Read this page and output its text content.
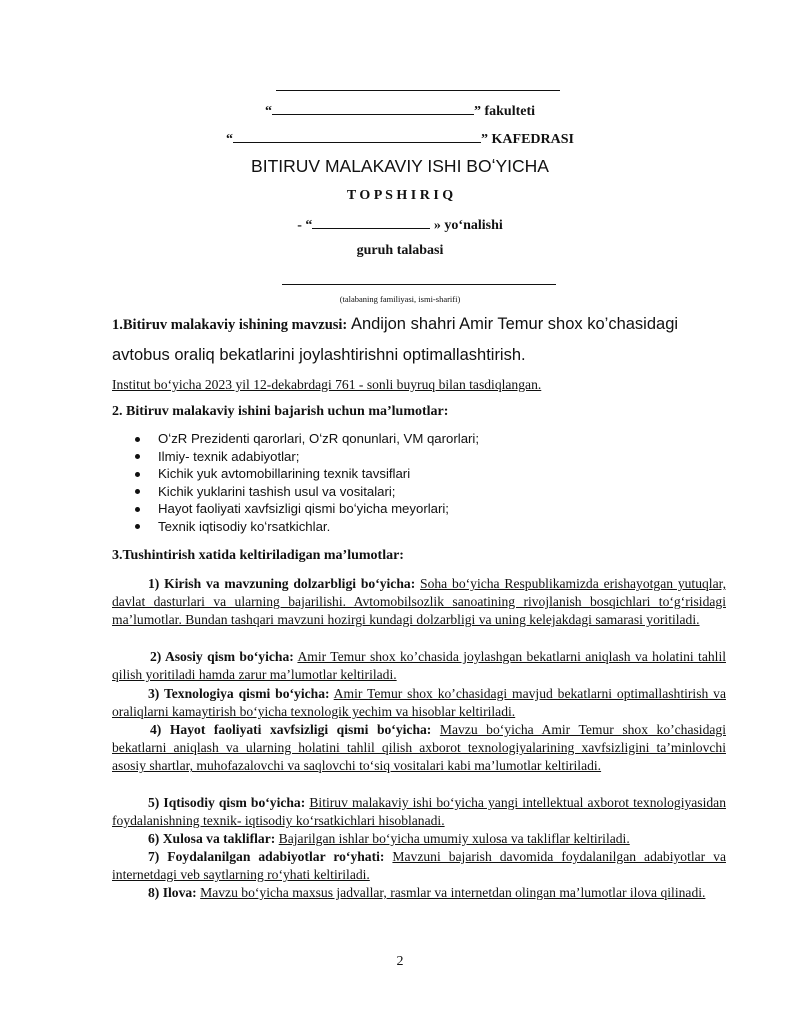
“	” fakulteti
“	” KAFEDRASI
BITIRUV MALAKAVIY ISHI BOʻYICHA
T O P S H I R I Q
- “	» yoʻnalishi
guruh talabasi
(talabaning familiyasi, ismi-sharifi)
1.Bitiruv malakaviy ishining mavzusi: Andijon shahri Amir Temur shox ko’chasidagi
avtobus oraliq bekatlarini joylashtirishni optimallashtirish.
Institut boʻyicha 2023 yil 12-dekabrdagi 761 - sonli buyruq bilan tasdiqlangan.
2. Bitiruv malakaviy ishini bajarish uchun ma’lumotlar:
OʻzR Prezidenti qarorlari, OʻzR qonunlari, VM qarorlari;
Ilmiy- texnik adabiyotlar;
Kichik yuk avtomobillarining texnik tavsiflari
Kichik yuklarini tashish usul va vositalari;
Hayot faoliyati xavfsizligi qismi boʻyicha meyorlari;
Texnik iqtisodiy koʻrsatkichlar.
3.Tushintirish xatida keltiriladigan ma’lumotlar:
1) Kirish va mavzuning dolzarbligi boʻyicha: Soha boʻyicha Respublikamizda erishayotgan yutuqlar, davlat dasturlari va ularning bajarilishi. Avtomobilsozlik sanoatining rivojlanish bosqichlari toʻgʻrisidagi ma’lumotlar. Bundan tashqari mavzuni hozirgi kundagi dolzarbligi va uning kelejakdagi samarasi yoritiladi.
2) Asosiy qism boʻyicha: Amir Temur shox ko’chasida joylashgan bekatlarni aniqlash va holatini tahlil qilish yoritiladi hamda zarur ma’lumotlar keltiriladi.
3) Texnologiya qismi boʻyicha: Amir Temur shox ko’chasidagi mavjud bekatlarni optimallashtirish va oraliqlarni kamaytirish boʻyicha texnologik yechim va hisoblar keltiriladi.
4) Hayot faoliyati xavfsizligi qismi boʻyicha: Mavzu boʻyicha Amir Temur shox ko’chasidagi bekatlarni aniqlash va ularning holatini tahlil qilish axborot texnologiyalarining xavfsizligini ta’minlovchi asosiy shartlar, muhofazalovchi va saqlovchi toʻsiq vositalari kabi ma’lumotlar keltiriladi.
5) Iqtisodiy qism boʻyicha: Bitiruv malakaviy ishi boʻyicha yangi intellektual axborot texnologiyasidan foydalanishning texnik- iqtisodiy koʻrsatkichlari hisoblanadi.
6) Xulosa va takliflar: Bajarilgan ishlar boʻyicha umumiy xulosa va takliflar keltiriladi.
7) Foydalanilgan adabiyotlar roʻyhati: Mavzuni bajarish davomida foydalanilgan adabiyotlar va internetdagi veb saytlarning roʻyhati keltiriladi.
8) Ilova: Mavzu boʻyicha maxsus jadvallar, rasmlar va internetdan olingan ma’lumotlar ilova qilinadi.
2
